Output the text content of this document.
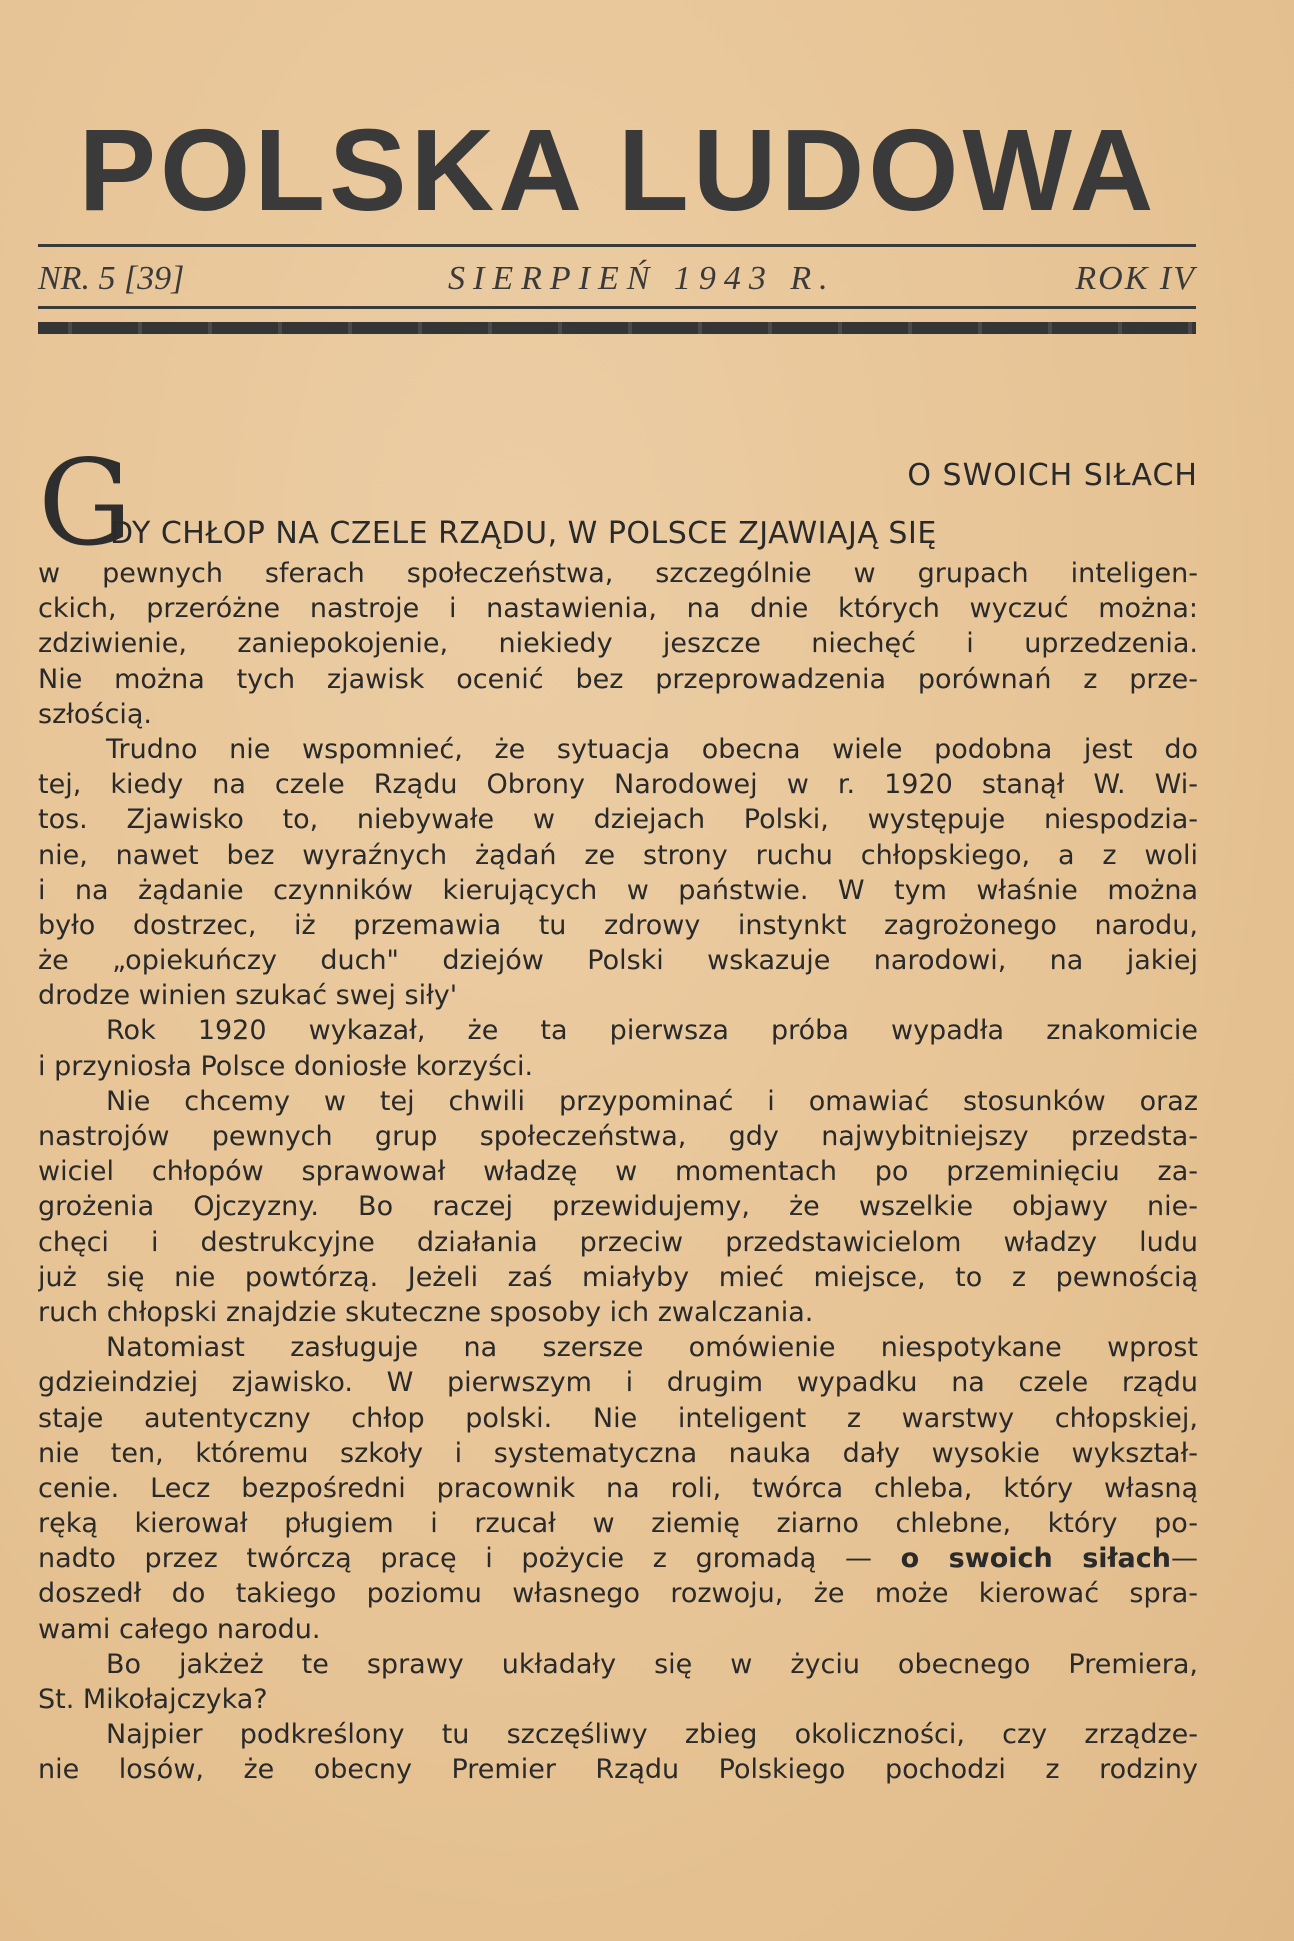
POLSKA LUDOWA
NR. 5 [39]	SIERPIEŃ 1943 R.	ROK IV
G	O SWOICH SIŁACH
DY CHŁOP NA CZELE RZĄDU, W POLSCE ZJAWIAJĄ SIĘ
w pewnych sferach społeczeństwa, szczególnie w grupach inteligen-
ckich, przeróżne nastroje i nastawienia, na dnie których wyczuć można:
zdziwienie, zaniepokojenie, niekiedy jeszcze niechęć i uprzedzenia.
Nie można tych zjawisk ocenić bez przeprowadzenia porównań z prze-
szłością.
Trudno nie wspomnieć, że sytuacja obecna wiele podobna jest do
tej, kiedy na czele Rządu Obrony Narodowej w r. 1920 stanął W. Wi-
tos. Zjawisko to, niebywałe w dziejach Polski, występuje niespodzia-
nie, nawet bez wyraźnych żądań ze strony ruchu chłopskiego, a z woli
i na żądanie czynników kierujących w państwie. W tym właśnie można
było dostrzec, iż przemawia tu zdrowy instynkt zagrożonego narodu,
że „opiekuńczy duch" dziejów Polski wskazuje narodowi, na jakiej
drodze winien szukać swej siły'
Rok 1920 wykazał, że ta pierwsza próba wypadła znakomicie
i przyniosła Polsce doniosłe korzyści.
Nie chcemy w tej chwili przypominać i omawiać stosunków oraz
nastrojów pewnych grup społeczeństwa, gdy najwybitniejszy przedsta-
wiciel chłopów sprawował władzę w momentach po przeminięciu za-
grożenia Ojczyzny. Bo raczej przewidujemy, że wszelkie objawy nie-
chęci i destrukcyjne działania przeciw przedstawicielom władzy ludu
już się nie powtórzą. Jeżeli zaś miałyby mieć miejsce, to z pewnością
ruch chłopski znajdzie skuteczne sposoby ich zwalczania.
Natomiast zasługuje na szersze omówienie niespotykane wprost
gdzieindziej zjawisko. W pierwszym i drugim wypadku na czele rządu
staje autentyczny chłop polski. Nie inteligent z warstwy chłopskiej,
nie ten, któremu szkoły i systematyczna nauka dały wysokie wykształ-
cenie. Lecz bezpośredni pracownik na roli, twórca chleba, który własną
ręką kierował pługiem i rzucał w ziemię ziarno chlebne, który po-
nadto przez twórczą pracę i pożycie z gromadą — o swoich siłach—
doszedł do takiego poziomu własnego rozwoju, że może kierować spra-
wami całego narodu.
Bo jakżeż te sprawy układały się w życiu obecnego Premiera,
St. Mikołajczyka?
Najpier podkreślony tu szczęśliwy zbieg okoliczności, czy zrządze-
nie losów, że obecny Premier Rządu Polskiego pochodzi z rodziny
